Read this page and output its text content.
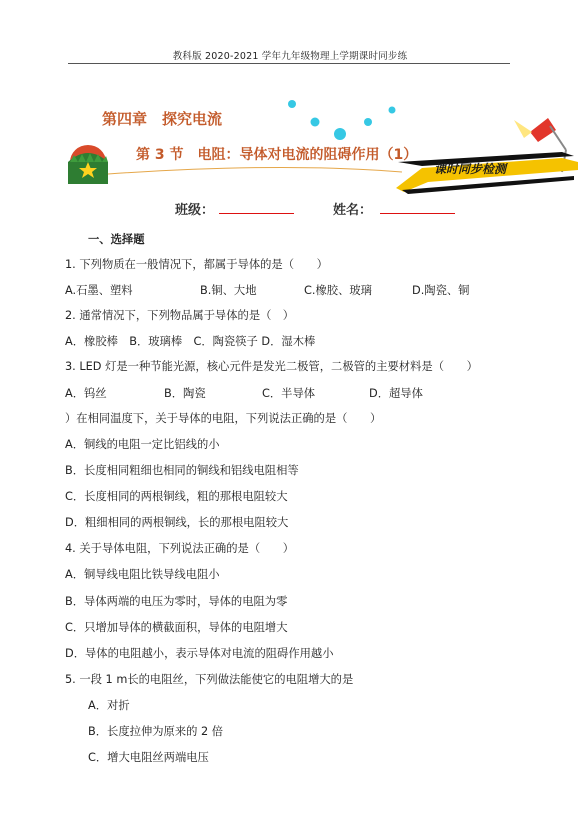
教科版 2020-2021 学年九年级物理上学期课时同步练
第四章　探究电流
第 3 节　电阻：导体对电流的阻碍作用（1）
课时同步检测
班级：	姓名：
一、选择题
1. 下列物质在一般情况下，都属于导体的是（　　）
A.石墨、塑料	B.铜、大地	C.橡胶、玻璃	D.陶瓷、铜
2. 通常情况下，下列物品属于导体的是（　）
A．橡胶棒　B．玻璃棒　C．陶瓷筷子 D．湿木棒
3. LED 灯是一种节能光源，核心元件是发光二极管，二极管的主要材料是（　　）
A．钨丝	B．陶瓷	C．半导体	D．超导体
）在相同温度下，关于导体的电阻，下列说法正确的是（　　）
A．铜线的电阻一定比铝线的小
B．长度相同粗细也相同的铜线和铝线电阻相等
C．长度相同的两根铜线，粗的那根电阻较大
D．粗细相同的两根铜线，长的那根电阻较大
4. 关于导体电阻，下列说法正确的是（　　）
A．铜导线电阻比铁导线电阻小
B．导体两端的电压为零时，导体的电阻为零
C．只增加导体的横截面积，导体的电阻增大
D．导体的电阻越小，表示导体对电流的阻碍作用越小
5. 一段 1 m长的电阻丝，下列做法能使它的电阻增大的是
A．对折
B．长度拉伸为原来的 2 倍
C．增大电阻丝两端电压
